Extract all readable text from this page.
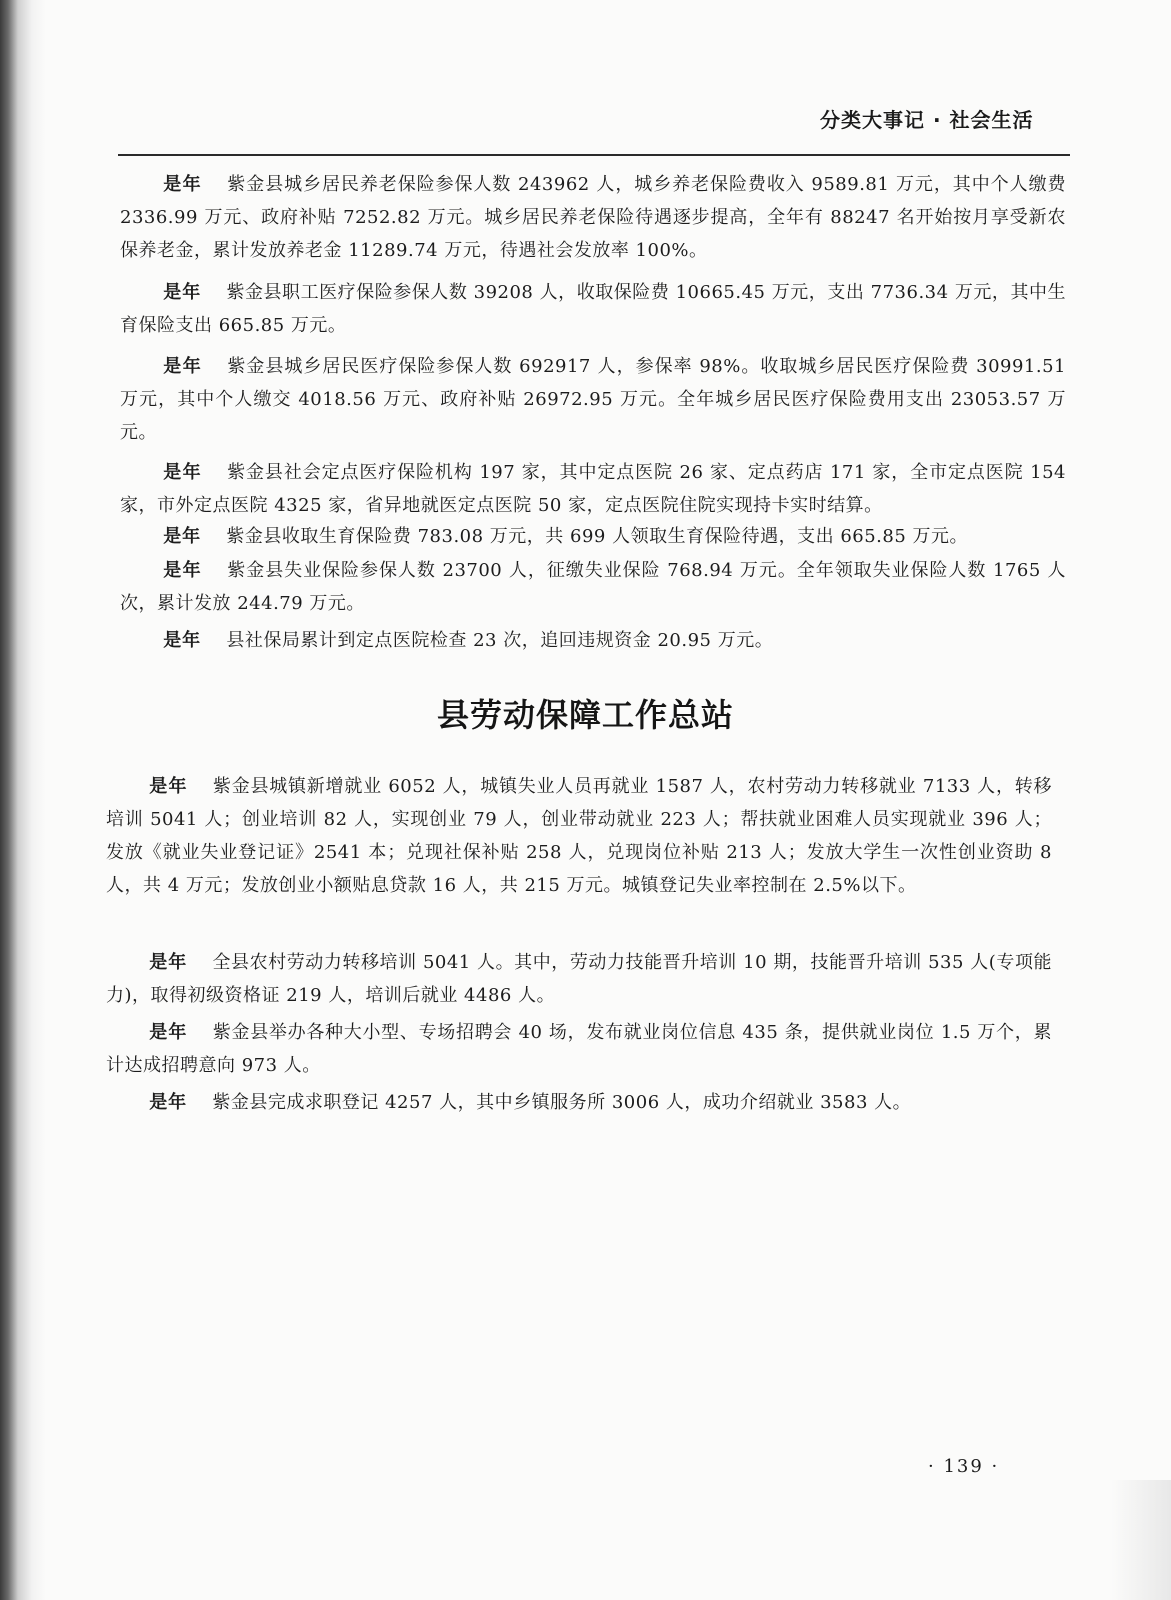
分类大事记 · 社会生活

是年 紫金县城乡居民养老保险参保人数 243962 人，城乡养老保险费收入 9589.81 万元，其中个人缴费 2336.99 万元、政府补贴 7252.82 万元。城乡居民养老保险待遇逐步提高，全年有 88247 名开始按月享受新农保养老金，累计发放养老金 11289.74 万元，待遇社会发放率 100%。

是年 紫金县职工医疗保险参保人数 39208 人，收取保险费 10665.45 万元，支出 7736.34 万元，其中生育保险支出 665.85 万元。

是年 紫金县城乡居民医疗保险参保人数 692917 人，参保率 98%。收取城乡居民医疗保险费 30991.51 万元，其中个人缴交 4018.56 万元、政府补贴 26972.95 万元。全年城乡居民医疗保险费用支出 23053.57 万元。

是年 紫金县社会定点医疗保险机构 197 家，其中定点医院 26 家、定点药店 171 家，全市定点医院 154 家，市外定点医院 4325 家，省异地就医定点医院 50 家，定点医院住院实现持卡实时结算。

是年 紫金县收取生育保险费 783.08 万元，共 699 人领取生育保险待遇，支出 665.85 万元。

是年 紫金县失业保险参保人数 23700 人，征缴失业保险 768.94 万元。全年领取失业保险人数 1765 人次，累计发放 244.79 万元。

是年 县社保局累计到定点医院检查 23 次，追回违规资金 20.95 万元。

县劳动保障工作总站

是年 紫金县城镇新增就业 6052 人，城镇失业人员再就业 1587 人，农村劳动力转移就业 7133 人，转移培训 5041 人；创业培训 82 人，实现创业 79 人，创业带动就业 223 人；帮扶就业困难人员实现就业 396 人；发放《就业失业登记证》2541 本；兑现社保补贴 258 人，兑现岗位补贴 213 人；发放大学生一次性创业资助 8 人，共 4 万元；发放创业小额贴息贷款 16 人，共 215 万元。城镇登记失业率控制在 2.5%以下。

是年 全县农村劳动力转移培训 5041 人。其中，劳动力技能晋升培训 10 期，技能晋升培训 535 人(专项能力)，取得初级资格证 219 人，培训后就业 4486 人。

是年 紫金县举办各种大小型、专场招聘会 40 场，发布就业岗位信息 435 条，提供就业岗位 1.5 万个，累计达成招聘意向 973 人。

是年 紫金县完成求职登记 4257 人，其中乡镇服务所 3006 人，成功介绍就业 3583 人。

· 139 ·
